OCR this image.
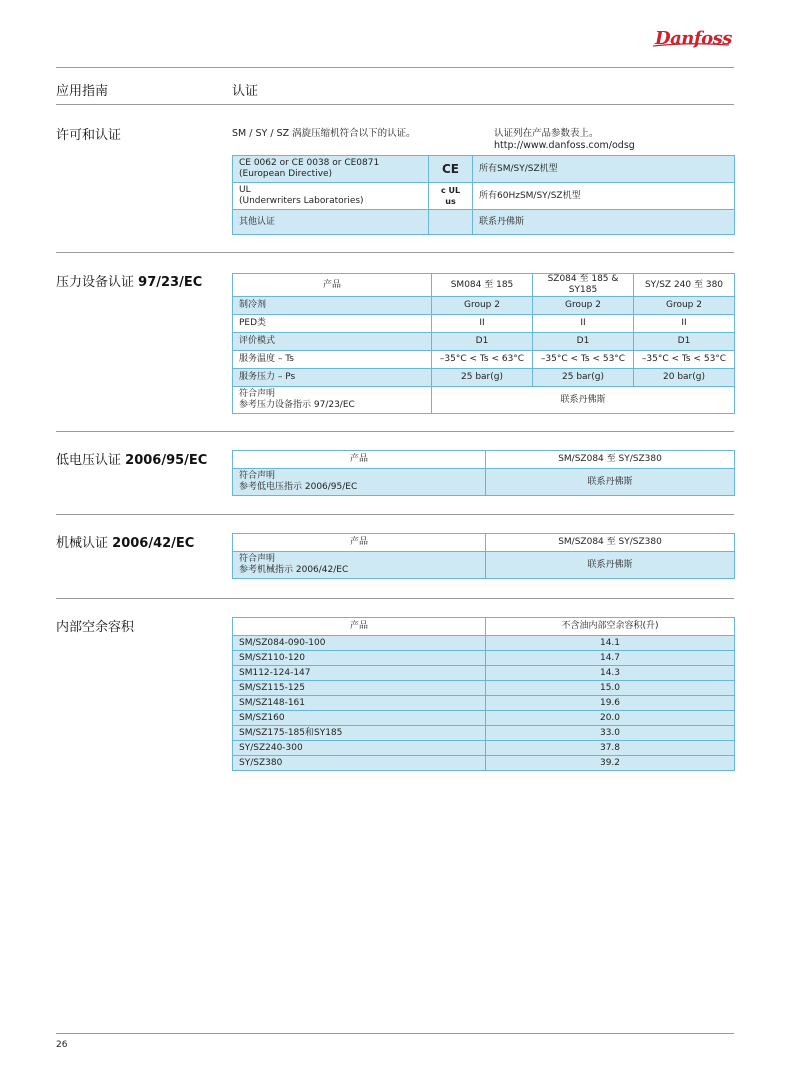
Danfoss
应用指南	认证
许可和认证	SM / SY / SZ 涡旋压缩机符合以下的认证。	认证列在产品参数表上。
http://www.danfoss.com/odsg
CE 0062 or CE 0038 or CE0871
(European Directive)	CE	所有SM/SY/SZ机型

UL
(Underwriters Laboratories)	c UL us	所有60HzSM/SY/SZ机型
其他认证		联系丹佛斯
压力设备认证 97/23/EC	产品	SM084 至 185	SZ084 至 185 & SY185	SY/SZ 240 至 380
制冷剂	Group 2	Group 2	Group 2
PED类	II	II	II
评价模式	D1	D1	D1
服务温度 – Ts	–35°C < Ts < 63°C	–35°C < Ts < 53°C	–35°C < Ts < 53°C
服务压力 – Ps	25 bar(g)	25 bar(g)	20 bar(g)

符合声明
参考压力设备指示 97/23/EC	联系丹佛斯		
低电压认证 2006/95/EC	产品	SM/SZ084 至 SY/SZ380

符合声明
参考低电压指示 2006/95/EC	联系丹佛斯
机械认证 2006/42/EC	产品	SM/SZ084 至 SY/SZ380

符合声明
参考机械指示 2006/42/EC	联系丹佛斯
内部空余容积	产品	不含油内部空余容积(升)
SM/SZ084-090-100	14.1
SM/SZ110-120	14.7
SM112-124-147	14.3
SM/SZ115-125	15.0
SM/SZ148-161	19.6
SM/SZ160	20.0
SM/SZ175-185和SY185	33.0
SY/SZ240-300	37.8
SY/SZ380	39.2
26
